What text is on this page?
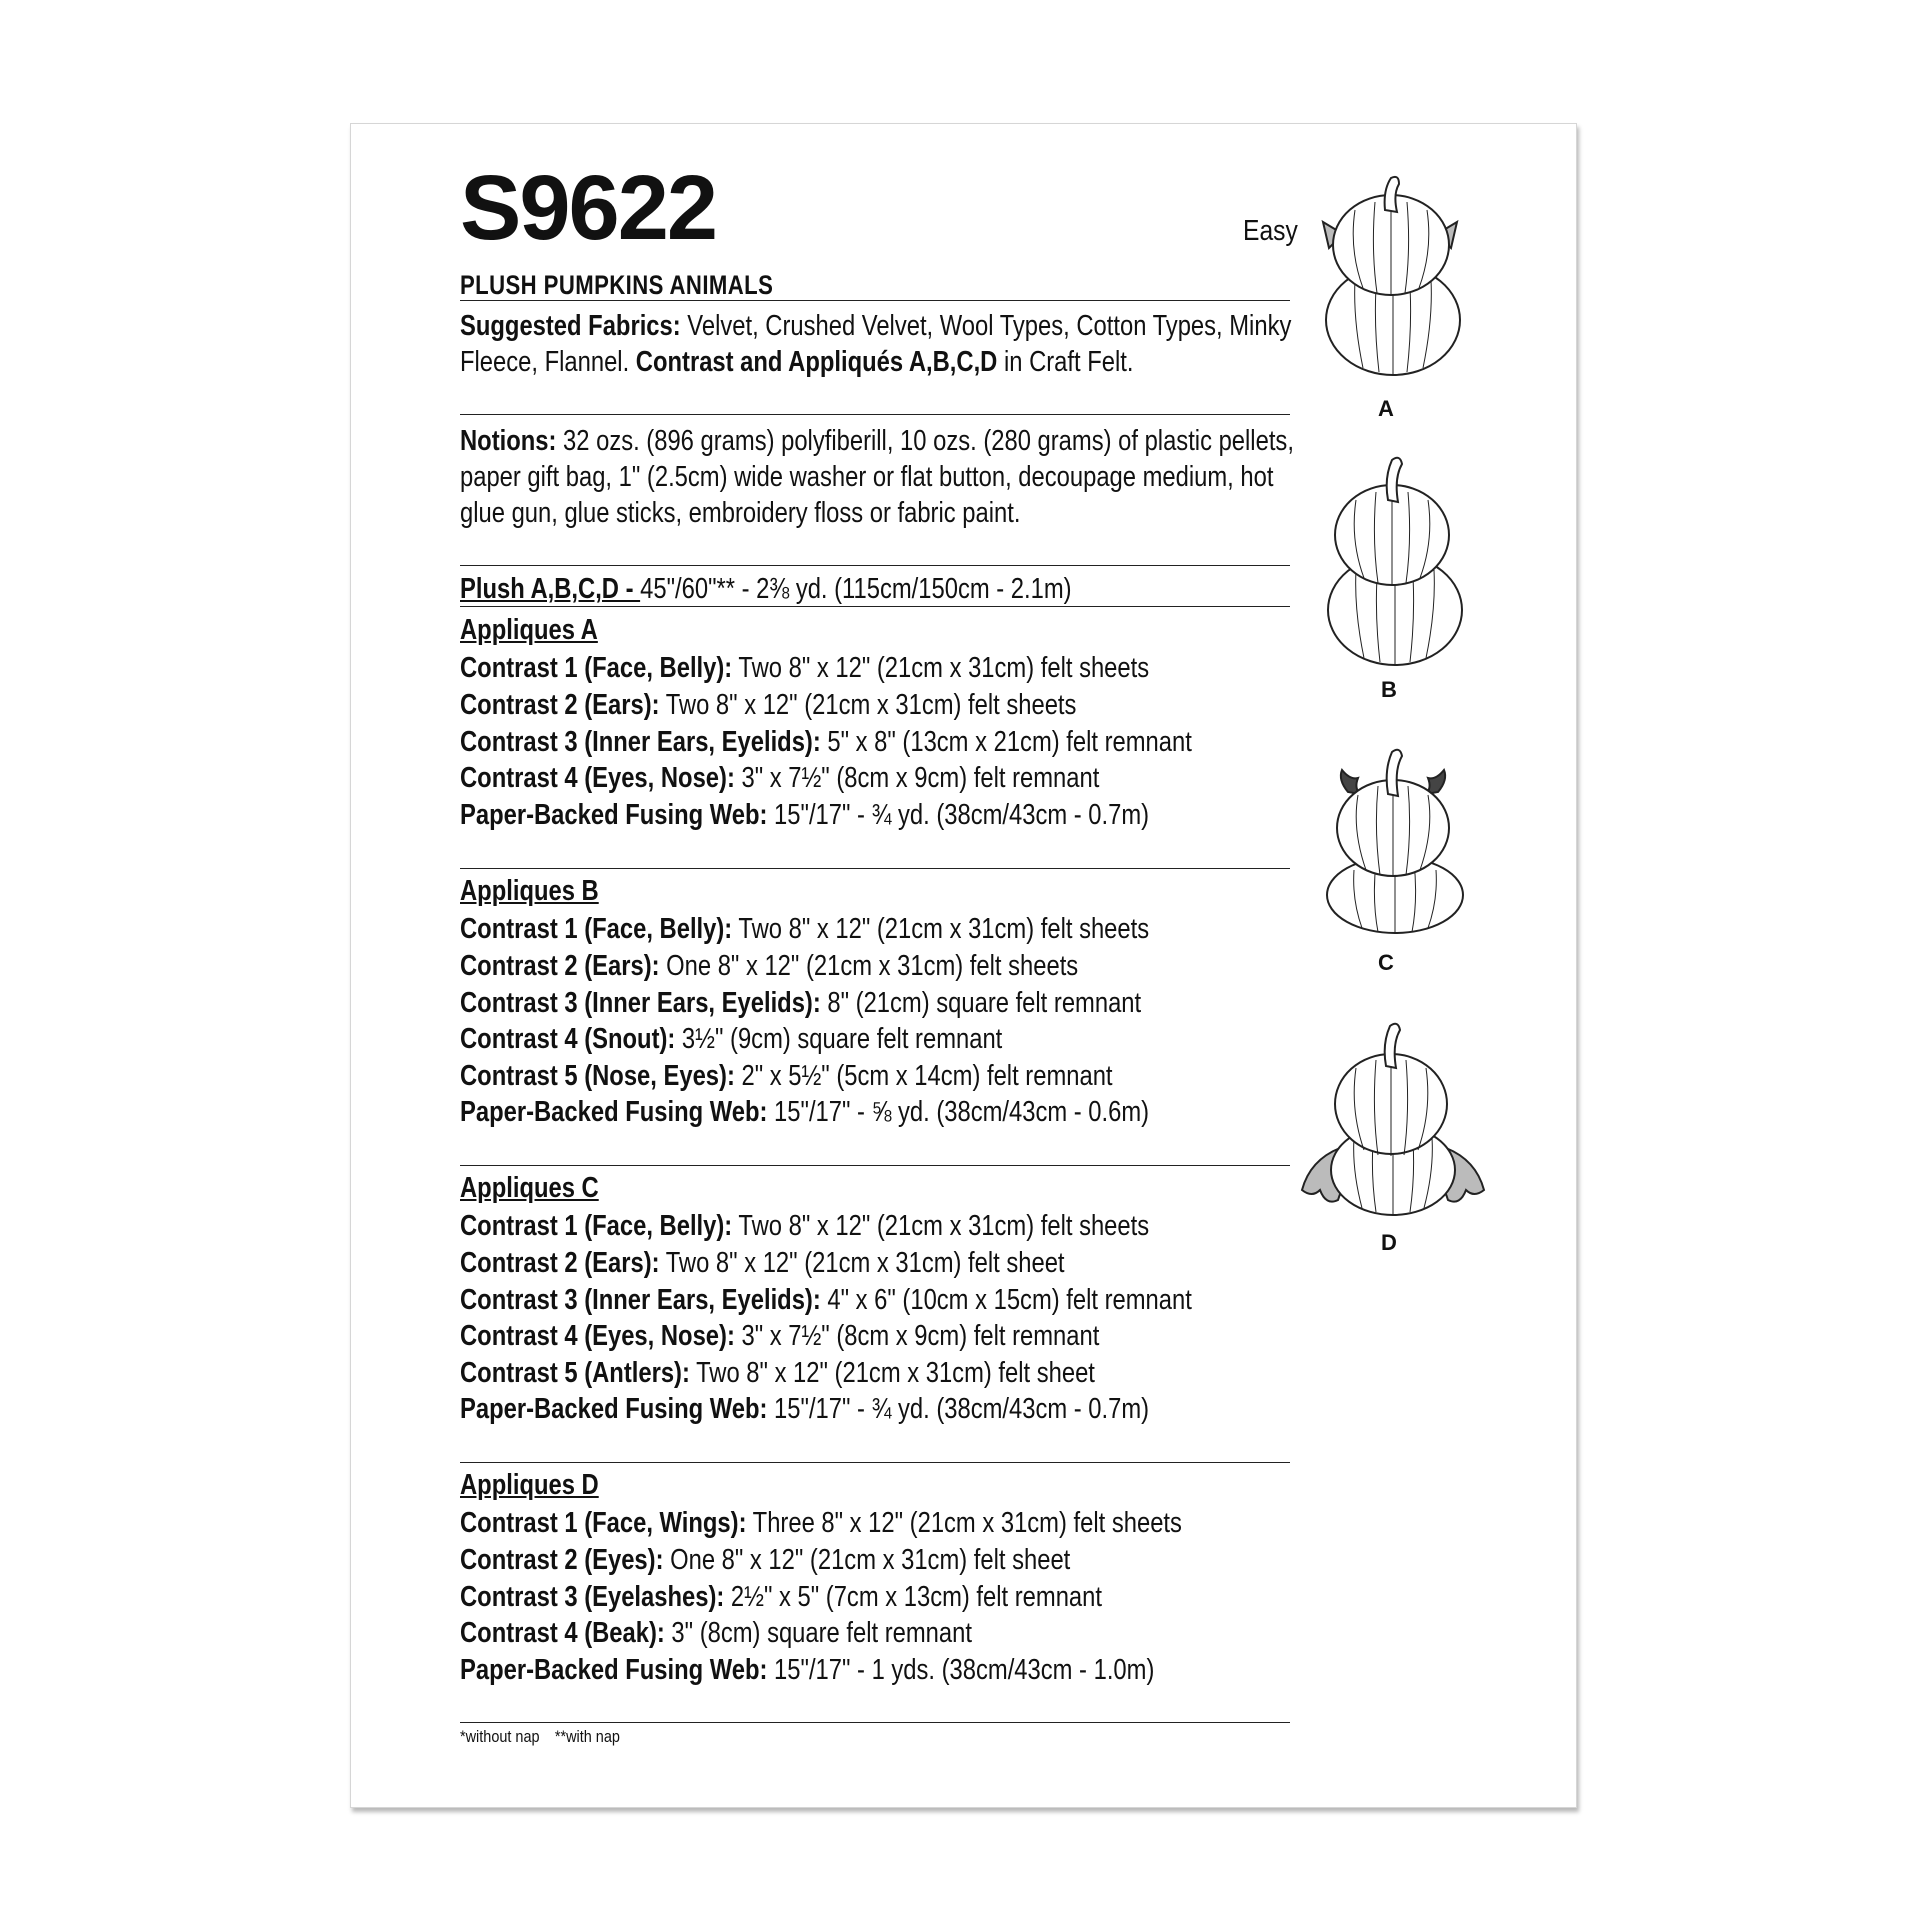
S9622	Easy
PLUSH PUMPKINS ANIMALS
Suggested Fabrics: Velvet, Crushed Velvet, Wool Types, Cotton Types, Minky
Fleece, Flannel. Contrast and Appliqués A,B,C,D in Craft Felt.
Notions: 32 ozs. (896 grams) polyfiberill, 10 ozs. (280 grams) of plastic pellets,
paper gift bag, 1" (2.5cm) wide washer or flat button, decoupage medium, hot
glue gun, glue sticks, embroidery floss or fabric paint.
Plush A,B,C,D - 45"/60"** - 2⅜ yd. (115cm/150cm - 2.1m)
Appliques A
Contrast 1 (Face, Belly): Two 8" x 12" (21cm x 31cm) felt sheets
Contrast 2 (Ears): Two 8" x 12" (21cm x 31cm) felt sheets
Contrast 3 (Inner Ears, Eyelids): 5" x 8" (13cm x 21cm) felt remnant
Contrast 4 (Eyes, Nose): 3" x 7½" (8cm x 9cm) felt remnant
Paper-Backed Fusing Web: 15"/17" - ¾ yd. (38cm/43cm - 0.7m)
Appliques B
Contrast 1 (Face, Belly): Two 8" x 12" (21cm x 31cm) felt sheets
Contrast 2 (Ears): One 8" x 12" (21cm x 31cm) felt sheets
Contrast 3 (Inner Ears, Eyelids): 8" (21cm) square felt remnant
Contrast 4 (Snout): 3½" (9cm) square felt remnant
Contrast 5 (Nose, Eyes): 2" x 5½" (5cm x 14cm) felt remnant
Paper-Backed Fusing Web: 15"/17" - ⅝ yd. (38cm/43cm - 0.6m)
Appliques C
Contrast 1 (Face, Belly): Two 8" x 12" (21cm x 31cm) felt sheets
Contrast 2 (Ears): Two 8" x 12" (21cm x 31cm) felt sheet
Contrast 3 (Inner Ears, Eyelids): 4" x 6" (10cm x 15cm) felt remnant
Contrast 4 (Eyes, Nose): 3" x 7½" (8cm x 9cm) felt remnant
Contrast 5 (Antlers): Two 8" x 12" (21cm x 31cm) felt sheet
Paper-Backed Fusing Web: 15"/17" - ¾ yd. (38cm/43cm - 0.7m)
Appliques D
Contrast 1 (Face, Wings): Three 8" x 12" (21cm x 31cm) felt sheets
Contrast 2 (Eyes): One 8" x 12" (21cm x 31cm) felt sheet
Contrast 3 (Eyelashes): 2½" x 5" (7cm x 13cm) felt remnant
Contrast 4 (Beak): 3" (8cm) square felt remnant
Paper-Backed Fusing Web: 15"/17" - 1 yds. (38cm/43cm - 1.0m)
*without nap **with nap
A
B
C
D
